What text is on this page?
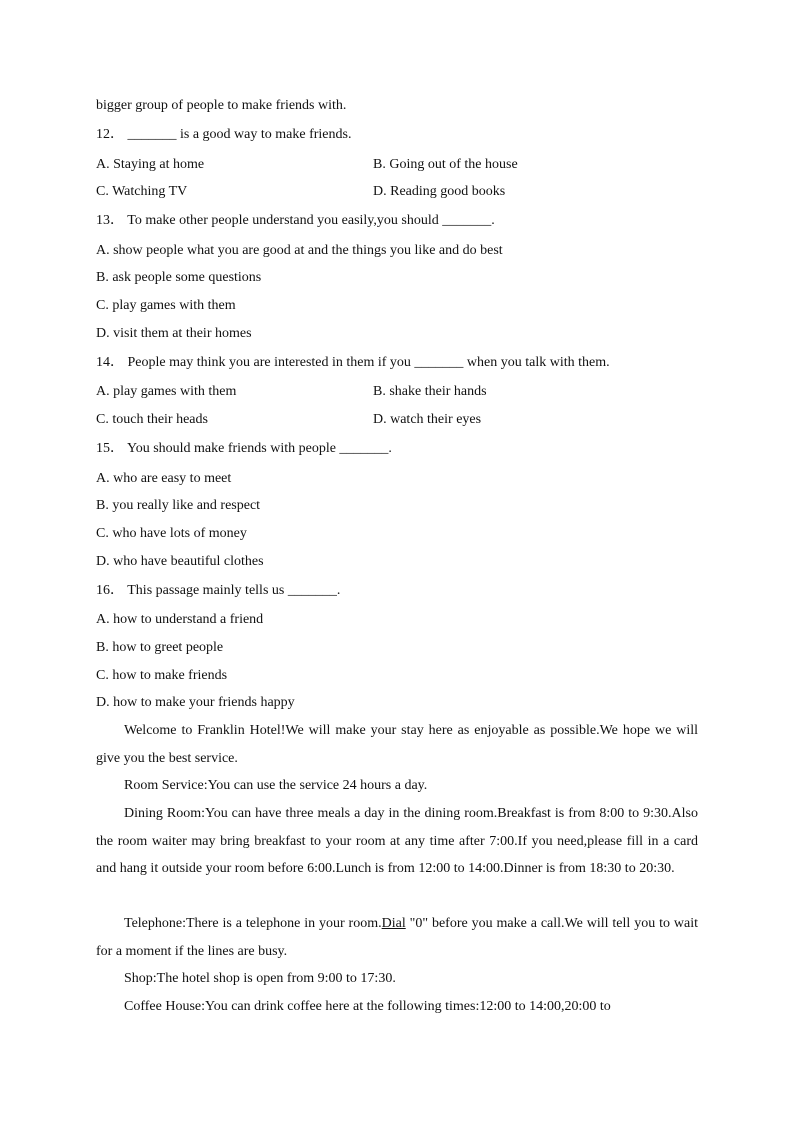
bigger group of people to make friends with.
12． _______ is a good way to make friends.
A. Staying at home	B. Going out of the house
C. Watching TV	D. Reading good books
13． To make other people understand you easily,you should _______.
A. show people what you are good at and the things you like and do best
B. ask people some questions
C. play games with them
D. visit them at their homes
14． People may think you are interested in them if you _______ when you talk with them.
A. play games with them	B. shake their hands
C. touch their heads	D. watch their eyes
15． You should make friends with people _______.
A. who are easy to meet
B. you really like and respect
C. who have lots of money
D. who have beautiful clothes
16． This passage mainly tells us _______.
A. how to understand a friend
B. how to greet people
C. how to make friends
D. how to make your friends happy
Welcome to Franklin Hotel!We will make your stay here as enjoyable as possible.We hope we will give you the best service.
Room Service:You can use the service 24 hours a day.
Dining Room:You can have three meals a day in the dining room.Breakfast is from 8:00 to 9:30.Also the room waiter may bring breakfast to your room at any time after 7:00.If you need,please fill in a card and hang it outside your room before 6:00.Lunch is from 12:00 to 14:00.Dinner is from 18:30 to 20:30.
Telephone:There is a telephone in your room.Dial "0" before you make a call.We will tell you to wait for a moment if the lines are busy.
Shop:The hotel shop is open from 9:00 to 17:30.
Coffee House:You can drink coffee here at the following times:12:00 to 14:00,20:00 to
